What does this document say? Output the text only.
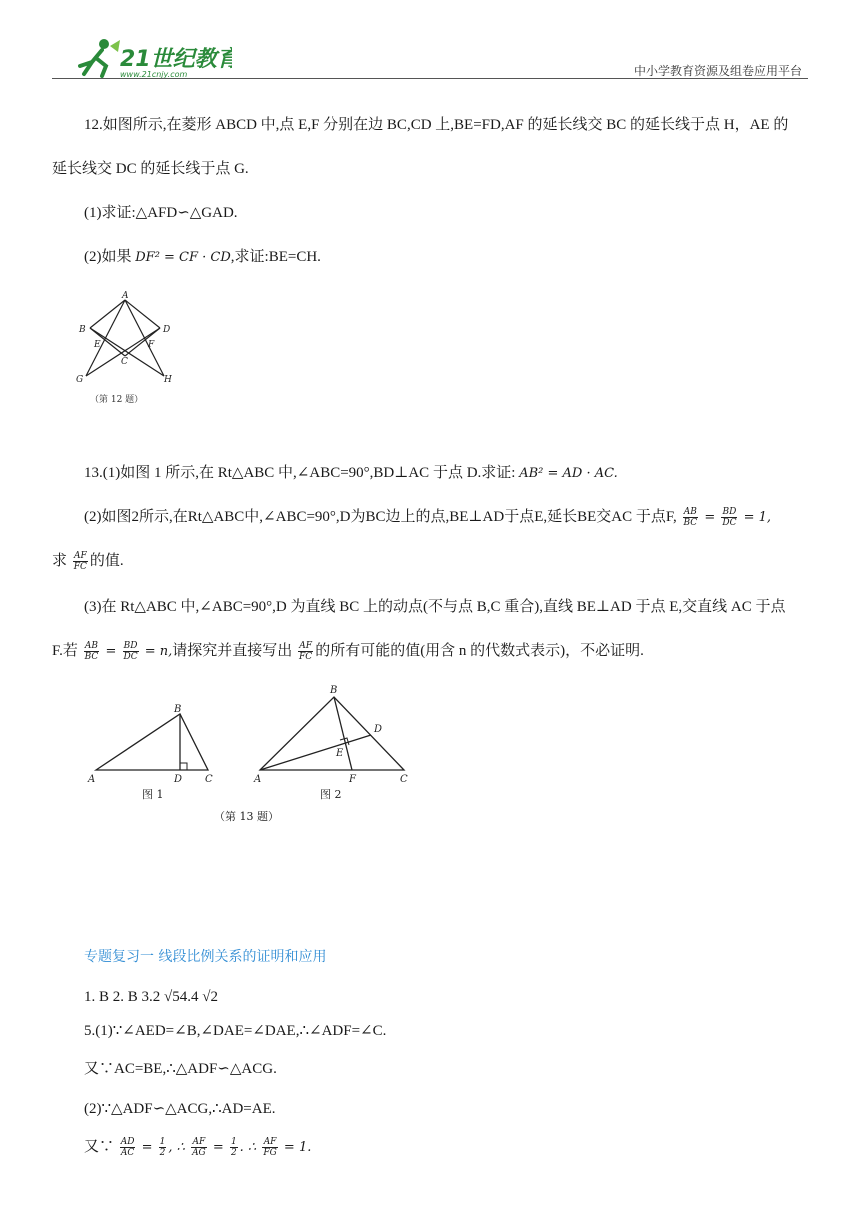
21世纪教育
www.21cnjy.com	中小学教育资源及组卷应用平台
12.如图所示,在菱形 ABCD 中,点 E,F 分别在边 BC,CD 上,BE=FD,AF 的延长线交 BC 的延长线于点 H，AE 的
延长线交 DC 的延长线于点 G.
(1)求证:△AFD∽△GAD.
(2)如果 DF² = CF · CD,求证:BE=CH.
A
B
C
D
E	F
G	H
（第 12 题）
13.(1)如图 1 所示,在 Rt△ABC 中,∠ABC=90°,BD⊥AC 于点 D.求证: AB² = AD · AC.
(2)如图2所示,在Rt△ABC中,∠ABC=90°,D为BC边上的点,BE⊥AD于点E,延长BE交AC 于点F, $\frac{AB}{BC} = \frac{BD}{DC} = 1$,
求 $\frac{AF}{FC}$ 的值.
(3)在 Rt△ABC 中,∠ABC=90°,D 为直线 BC 上的动点(不与点 B,C 重合),直线 BE⊥AD 于点 E,交直线 AC 于点
F.若 $\frac{AB}{BC} = \frac{BD}{DC} = n$,请探究并直接写出 $\frac{AF}{FC}$ 的所有可能的值(用含 n 的代数式表示)，不必证明.
A
B
D C
图 1
A
B
C
D
E
F
图 2
（第 13 题）
专题复习一 线段比例关系的证明和应用
1. B 2. B 3.2 √54.4 √2
5.(1)∵∠AED=∠B,∠DAE=∠DAE,∴∠ADF=∠C.
又∵AC=BE,∴△ADF∽△ACG.
(2)∵△ADF∽△ACG,∴AD=AE.
又∵ $\frac{AD}{AC} = \frac{1}{2}$ , ∴ $\frac{AF}{AG} = \frac{1}{2}$ . ∴ $\frac{AF}{FG} = 1$.
